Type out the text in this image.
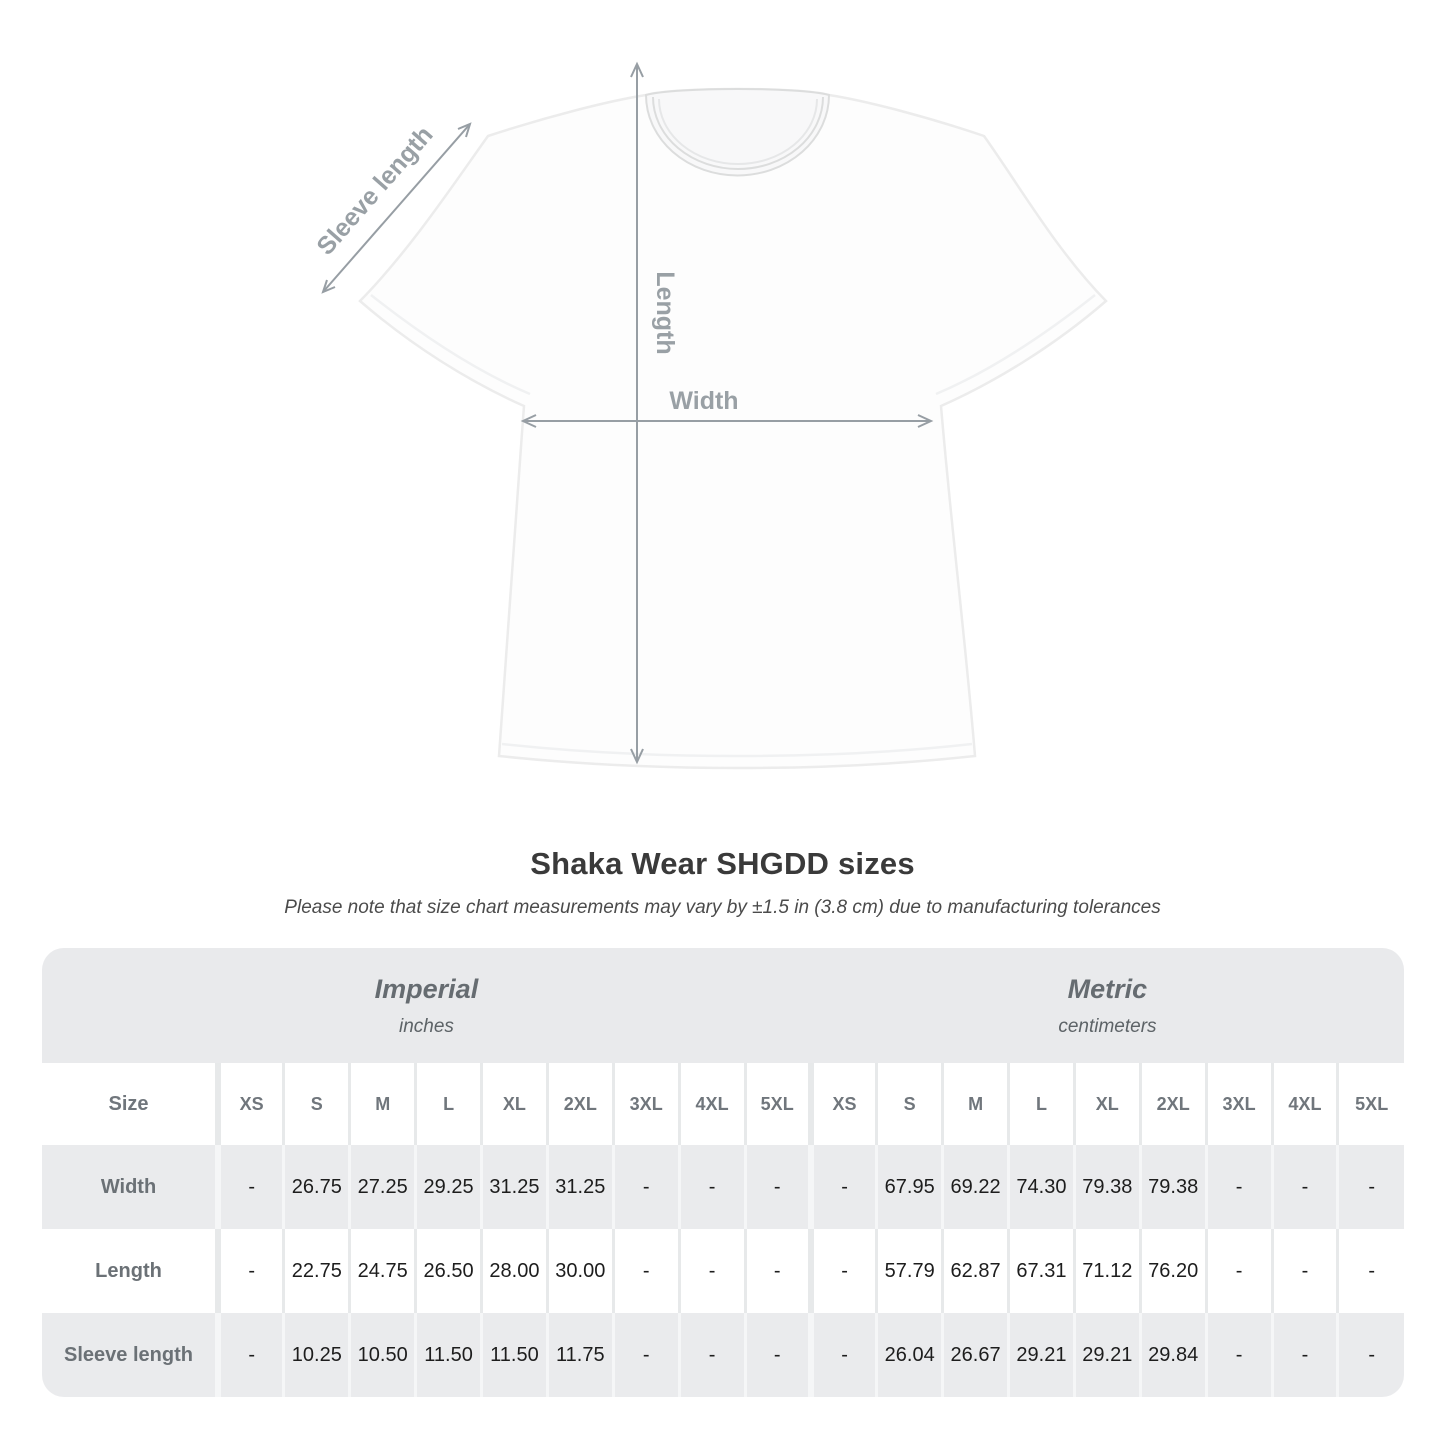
Sleeve length
Length
Width
Shaka Wear SHGDD sizes

Please note that size chart measurements may vary by ±1.5 in (3.8 cm) due to manufacturing tolerances

Imperial
inches

Metric
centimeters

Size	XS	S	M	L	XL	2XL	3XL	4XL	5XL	XS	S	M	L	XL	2XL	3XL	4XL	5XL
Width	-	26.75	27.25	29.25	31.25	31.25	-	-	-	-	67.95	69.22	74.30	79.38	79.38	-	-	-
Length	-	22.75	24.75	26.50	28.00	30.00	-	-	-	-	57.79	62.87	67.31	71.12	76.20	-	-	-
Sleeve length	-	10.25	10.50	11.50	11.50	11.75	-	-	-	-	26.04	26.67	29.21	29.21	29.84	-	-	-
